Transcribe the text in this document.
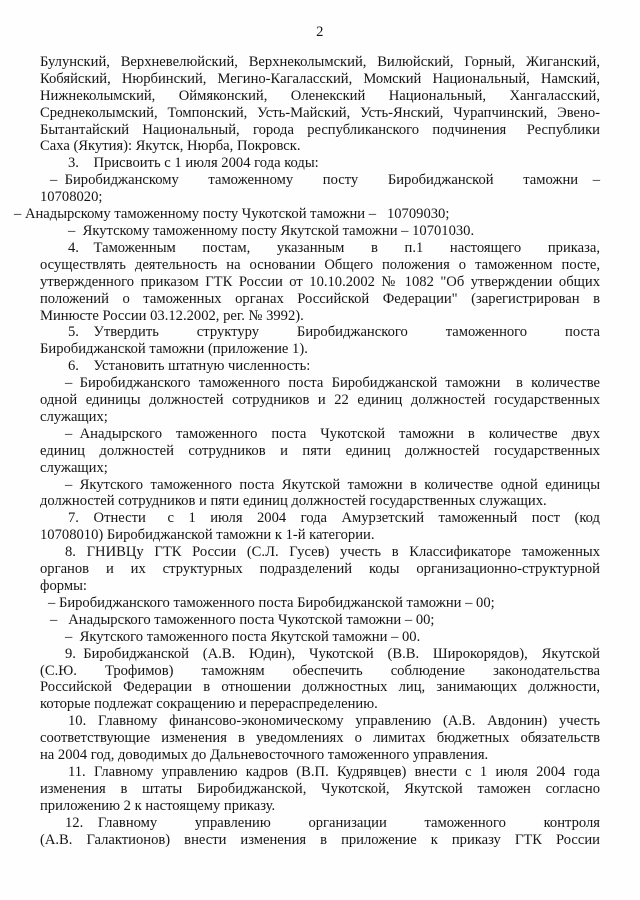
2
Булунский, Верхневелюйский, Верхнеколымский, Вилюйский, Горный, Жиганский,
Кобяйский, Нюрбинский, Мегино-Кагаласский, Момский Национальный, Намский,
Нижнеколымский, Оймяконский, Оленекский Национальный, Хангаласский,
Среднеколымский, Томпонский, Усть-Майский, Усть-Янский, Чурапчинский, Эвено-
Бытантайский Национальный, города республиканского подчинения  Республики
Саха (Якутия): Якутск, Нюрба, Покровск.
3. Присвоить с 1 июля 2004 года коды:
– Биробиджанскому таможенному посту Биробиджанской таможни –
10708020;
– Анадырскому таможенному посту Чукотской таможни –  10709030;
– Якутскому таможенному посту Якутской таможни – 10701030.
4. Таможенным постам, указанным в п.1 настоящего приказа,
осуществлять деятельность на основании Общего положения о таможенном посте,
утвержденного приказом ГТК России от 10.10.2002 № 1082 "Об утверждении общих
положений о таможенных органах Российской Федерации" (зарегистрирован в
Минюсте России 03.12.2002, рег. № 3992).
5. Утвердить структуру Биробиджанского таможенного поста
Биробиджанской таможни (приложение 1).
6. Установить штатную численность:
– Биробиджанского таможенного поста Биробиджанской таможни  в количестве
одной единицы должностей сотрудников и 22 единиц должностей государственных
служащих;
– Анадырского таможенного поста Чукотской таможни в количестве двух
единиц должностей сотрудников и пяти единиц должностей государственных
служащих;
– Якутского таможенного поста Якутской таможни в количестве одной единицы
должностей сотрудников и пяти единиц должностей государственных служащих.
7. Отнести  с 1 июля 2004 года Амурзетский таможенный пост (код
10708010) Биробиджанской таможни к 1-й категории.
8. ГНИВЦу ГТК России (С.Л. Гусев) учесть в Классификаторе таможенных
органов и их структурных подразделений коды организационно-структурной
формы:
– Биробиджанского таможенного поста Биробиджанской таможни – 00;
–  Анадырского таможенного поста Чукотской таможни – 00;
– Якутского таможенного поста Якутской таможни – 00.
9. Биробиджанской (А.В. Юдин), Чукотской (В.В. Широкорядов), Якутской
(С.Ю. Трофимов) таможням обеспечить соблюдение законодательства
Российской Федерации в отношении должностных лиц, занимающих должности,
которые подлежат сокращению и перераспределению.
10. Главному финансово-экономическому управлению (А.В. Авдонин) учесть
соответствующие изменения в уведомлениях о лимитах бюджетных обязательств
на 2004 год, доводимых до Дальневосточного таможенного управления.
11. Главному управлению кадров (В.П. Кудрявцев) внести с 1 июля 2004 года
изменения в штаты Биробиджанской, Чукотской, Якутской таможен согласно
приложению 2 к настоящему приказу.
12. Главному управлению организации таможенного контроля
(А.В. Галактионов) внести изменения в приложение к приказу ГТК России
